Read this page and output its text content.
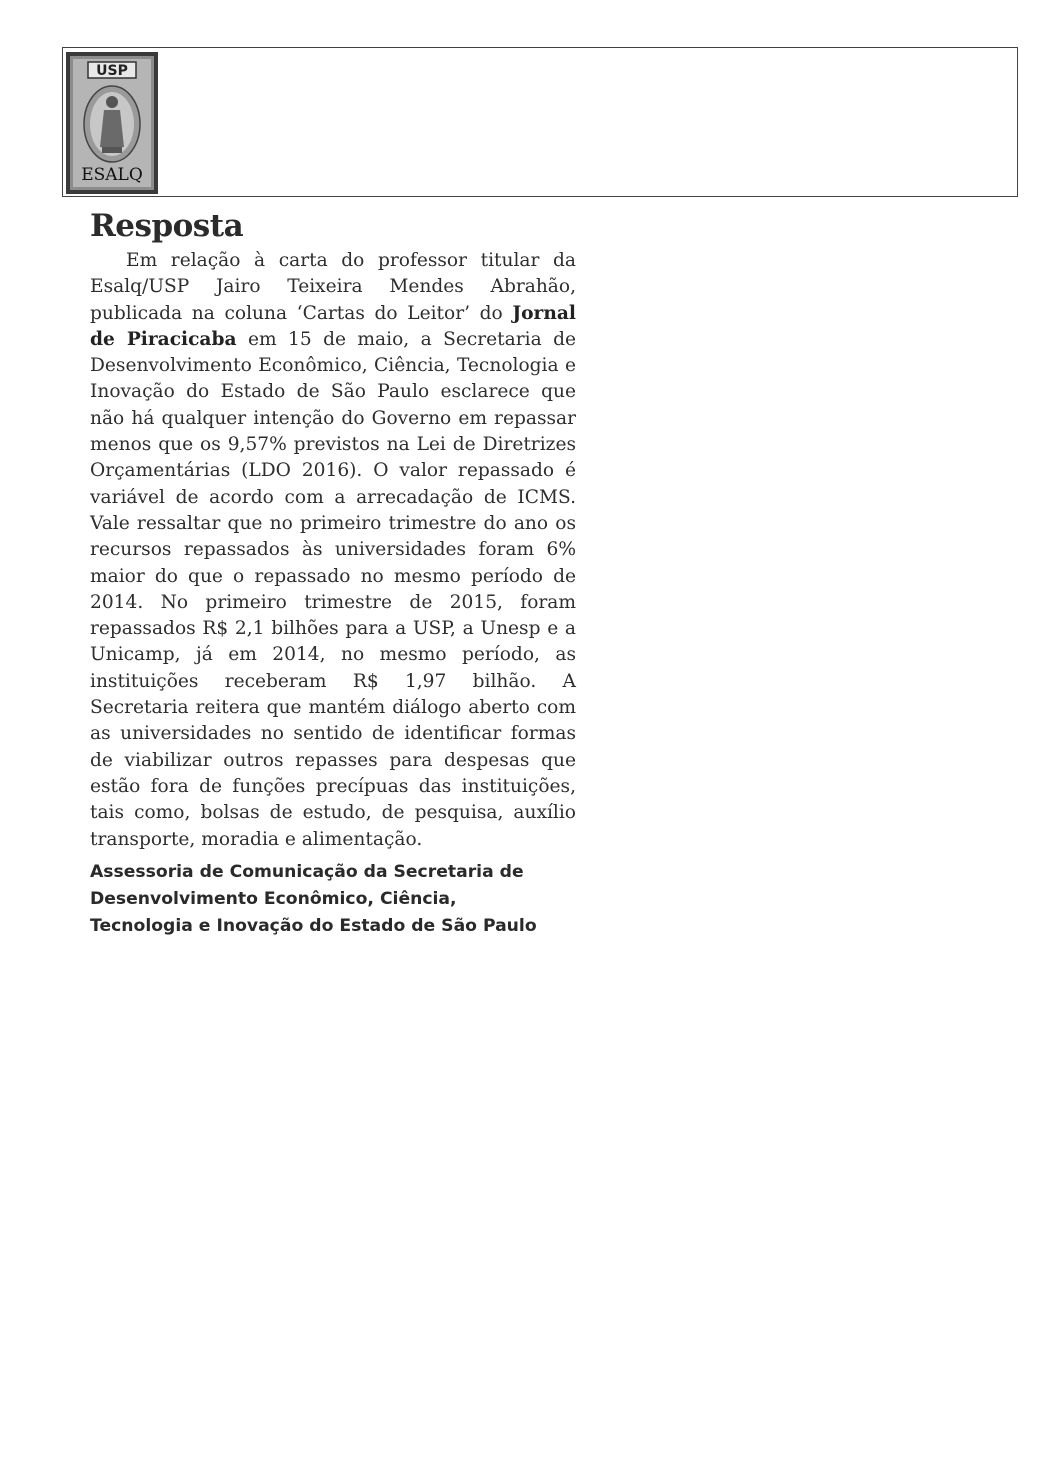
USP
ESALQ
Resposta

Em relação à carta do professor titular da Esalq/USP Jairo Teixeira Mendes Abrahão, publicada na coluna ‘Cartas do Leitor’ do Jornal de Piracicaba em 15 de maio, a Secretaria de Desenvolvimento Econômico, Ciência, Tecnologia e Inovação do Estado de São Paulo esclarece que não há qualquer intenção do Governo em repassar menos que os 9,57% previstos na Lei de Diretrizes Orçamentárias (LDO 2016). O valor repassado é variável de acordo com a arrecadação de ICMS. Vale ressaltar que no primeiro trimestre do ano os recursos repassados às universidades foram 6% maior do que o repassado no mesmo período de 2014. No primeiro trimestre de 2015, foram repassados R$ 2,1 bilhões para a USP, a Unesp e a Unicamp, já em 2014, no mesmo período, as instituições receberam R$ 1,97 bilhão. A Secretaria reitera que mantém diálogo aberto com as universidades no sentido de identificar formas de viabilizar outros repasses para despesas que estão fora de funções precípuas das instituições, tais como, bolsas de estudo, de pesquisa, auxílio transporte, moradia e alimentação.

Assessoria de Comunicação da Secretaria de
Desenvolvimento Econômico, Ciência,
Tecnologia e Inovação do Estado de São Paulo
